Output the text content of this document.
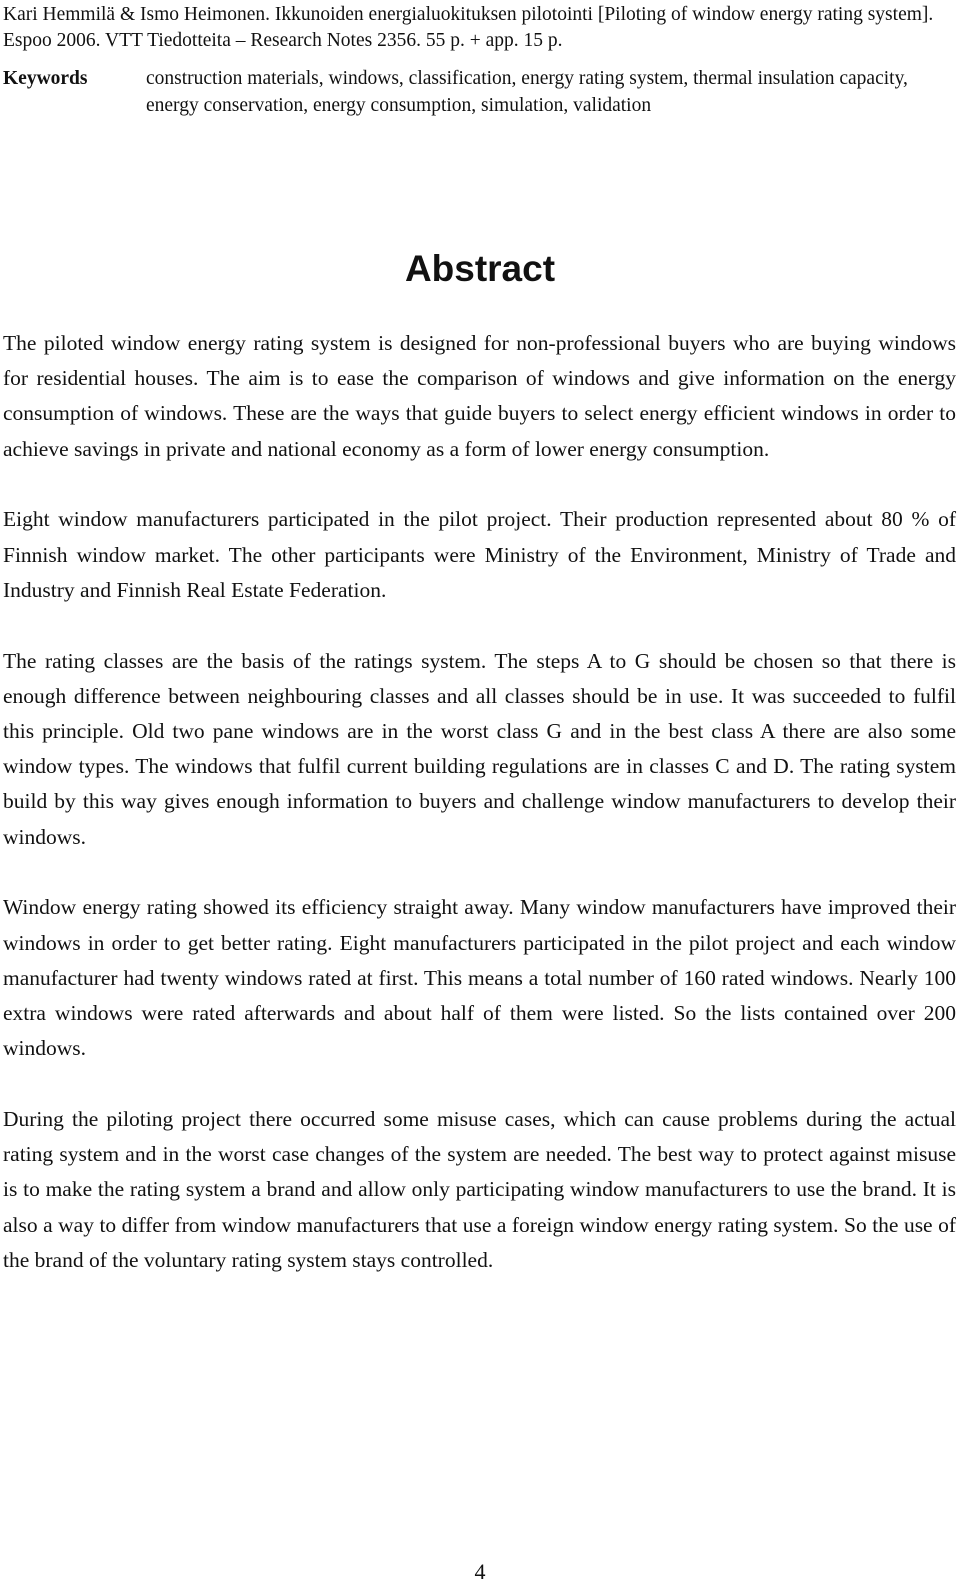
Kari Hemmilä & Ismo Heimonen. Ikkunoiden energialuokituksen pilotointi [Piloting of window energy rating system]. Espoo 2006. VTT Tiedotteita – Research Notes 2356. 55 p. + app. 15 p.

Keywords	construction materials, windows, classification, energy rating system, thermal insulation capacity, energy conservation, energy consumption, simulation, validation

Abstract

The piloted window energy rating system is designed for non-professional buyers who are buying windows for residential houses. The aim is to ease the comparison of windows and give information on the energy consumption of windows. These are the ways that guide buyers to select energy efficient windows in order to achieve savings in private and national economy as a form of lower energy consumption.

Eight window manufacturers participated in the pilot project. Their production represented about 80 % of Finnish window market. The other participants were Ministry of the Environment, Ministry of Trade and Industry and Finnish Real Estate Federation.

The rating classes are the basis of the ratings system. The steps A to G should be chosen so that there is enough difference between neighbouring classes and all classes should be in use. It was succeeded to fulfil this principle. Old two pane windows are in the worst class G and in the best class A there are also some window types. The windows that fulfil current building regulations are in classes C and D. The rating system build by this way gives enough information to buyers and challenge window manufacturers to develop their windows.

Window energy rating showed its efficiency straight away. Many window manufacturers have improved their windows in order to get better rating. Eight manufacturers participated in the pilot project and each window manufacturer had twenty windows rated at first. This means a total number of 160 rated windows. Nearly 100 extra windows were rated afterwards and about half of them were listed. So the lists contained over 200 windows.

During the piloting project there occurred some misuse cases, which can cause problems during the actual rating system and in the worst case changes of the system are needed. The best way to protect against misuse is to make the rating system a brand and allow only participating window manufacturers to use the brand. It is also a way to differ from window manufacturers that use a foreign window energy rating system. So the use of the brand of the voluntary rating system stays controlled.

4
